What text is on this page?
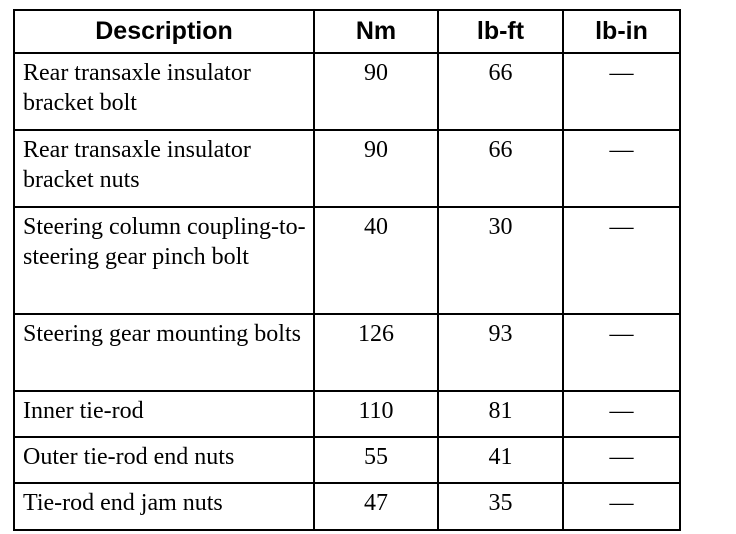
Description	Nm	lb-ft	lb-in
Rear transaxle insulator bracket bolt	90	66	—
Rear transaxle insulator bracket nuts	90	66	—
Steering column coupling-to-steering gear pinch bolt	40	30	—
Steering gear mounting bolts	126	93	—
Inner tie-rod	110	81	—
Outer tie-rod end nuts	55	41	—
Tie-rod end jam nuts	47	35	—
